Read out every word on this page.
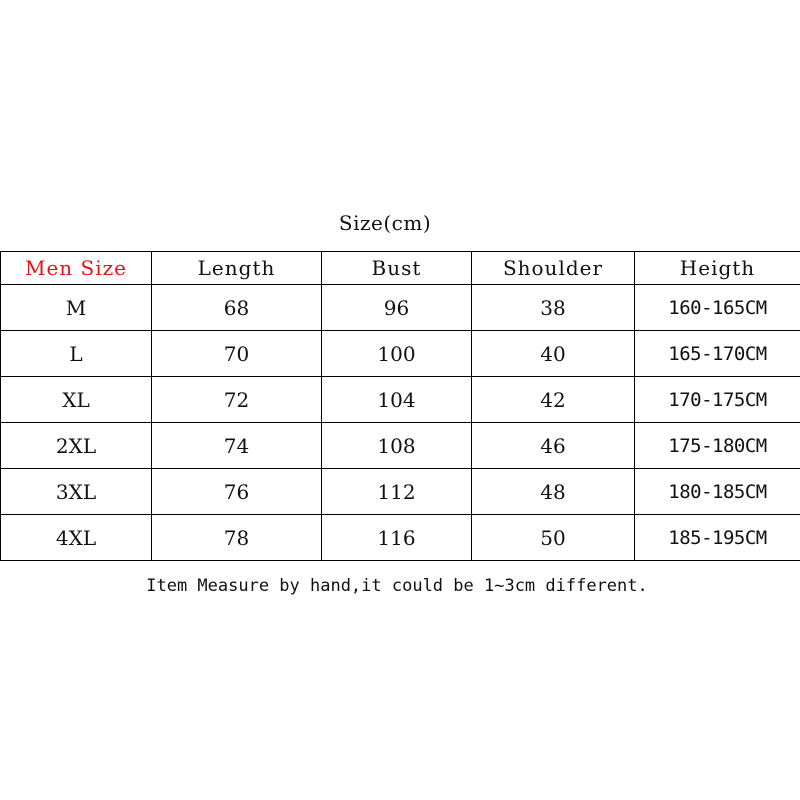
Size(cm)
Men Size	Length	Bust	Shoulder	Heigth
M	68	96	38	160-165CM
L	70	100	40	165-170CM
XL	72	104	42	170-175CM
2XL	74	108	46	175-180CM
3XL	76	112	48	180-185CM
4XL	78	116	50	185-195CM
Item Measure by hand,it could be 1~3cm different.
